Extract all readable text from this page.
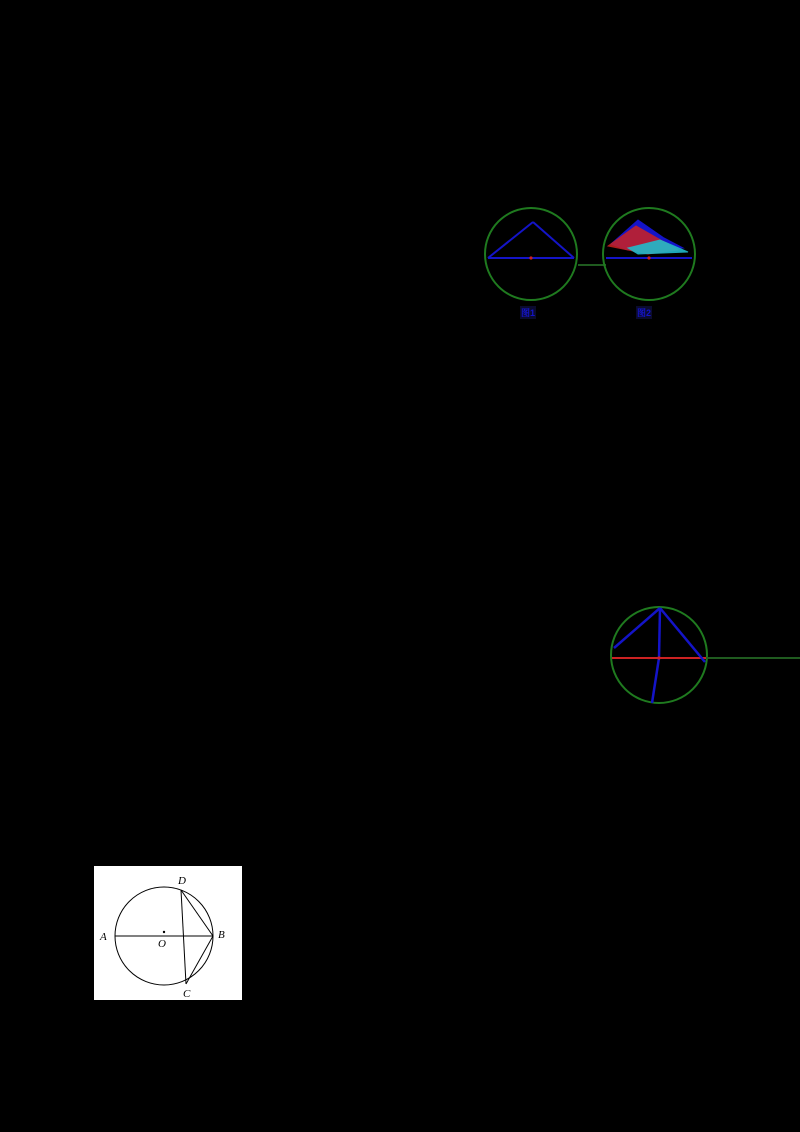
图1	图2
A	B
C
D
O
